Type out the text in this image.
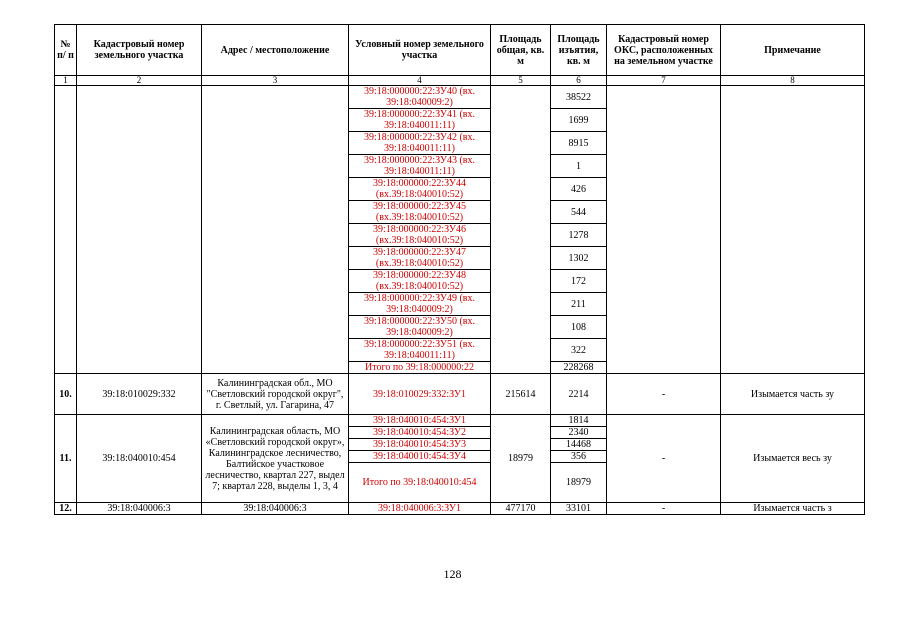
№ п/ п	Кадастровый номер земельного участка	Адрес / местоположение	Условный номер земельного участка	Площадь общая, кв. м	Площадь изъятия, кв. м	Кадастровый номер ОКС, расположенных на земельном участке	Примечание
1	2	3	4	5	6	7	8
			39:18:000000:22:ЗУ40 (вх. 39:18:040009:2)		38522		
			39:18:000000:22:ЗУ41 (вх. 39:18:040011:11)		1699		
			39:18:000000:22:ЗУ42 (вх. 39:18:040011:11)		8915		
			39:18:000000:22:ЗУ43 (вх. 39:18:040011:11)		1		
			39:18:000000:22:ЗУ44 (вх.39:18:040010:52)		426		
			39:18:000000:22:ЗУ45 (вх.39:18:040010:52)		544		
			39:18:000000:22:ЗУ46 (вх.39:18:040010:52)		1278		
			39:18:000000:22:ЗУ47 (вх.39:18:040010:52)		1302		
			39:18:000000:22:ЗУ48 (вх.39:18:040010:52)		172		
			39:18:000000:22:ЗУ49 (вх. 39:18:040009:2)		211		
			39:18:000000:22:ЗУ50 (вх. 39:18:040009:2)		108		
			39:18:000000:22:ЗУ51 (вх. 39:18:040011:11)		322		
			Итого по 39:18:000000:22		228268		
10.	39:18:010029:332	Калининградская обл., МО "Светловский городской округ", г. Светлый, ул. Гагарина, 47	39:18:010029:332:ЗУ1	215614	2214	-	Изымается часть зу
11.	39:18:040010:454	Калининградская область, МО «Светловский городской округ», Калининградское лесничество, Балтийское участковое лесничество, квартал 227, выдел 7; квартал 228, выделы 1, 3, 4	39:18:040010:454:ЗУ1	18979	1814	-	Изымается весь зу
			39:18:040010:454:ЗУ2		2340		
			39:18:040010:454:ЗУ3		14468		
			39:18:040010:454:ЗУ4		356		
			Итого по 39:18:040010:454		18979		
12.	39:18:040006:3	39:18:040006:3	39:18:040006:3:ЗУ1	477170	33101	-	Изымается часть з
128
